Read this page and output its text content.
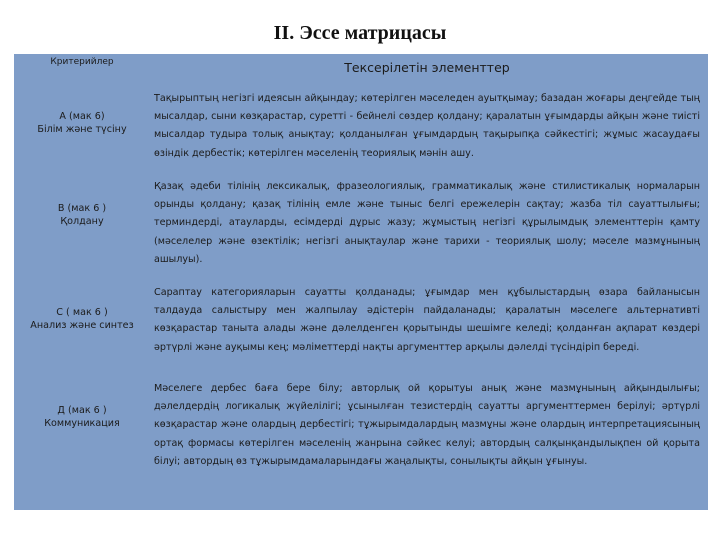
II. Эссе матрицасы
Критерийлер	Тексерілетін элементтер
А (мак 6)
Білім және түсіну
Тақырыптың негізгі идеясын айқындау; көтерілген мәселеден ауытқымау; базадан жоғары деңгейде тың мысалдар, сыни көзқарастар, суретті - бейнелі сөздер қолдану; қаралатын ұғымдарды айқын және тиісті мысалдар тудыра толық анықтау; қолданылған ұғымдардың тақырыпқа сәйкестігі; жұмыс жасаудағы өзіндік дербестік; көтерілген мәселенің теориялық мәнін ашу.
В (мак 6 )
Қолдану
Қазақ әдеби тілінің лексикалық, фразеологиялық, грамматикалық және стилистикалық нормаларын орынды қолдану; қазақ тілінің емле және тыныс белгі ережелерін сақтау; жазба тіл сауаттылығы; терминдерді, атауларды, есімдерді дұрыс жазу; жұмыстың негізгі құрылымдық элементтерін қамту (мәселелер және өзектілік; негізгі анықтаулар және тарихи - теориялық шолу; мәселе мазмұнының ашылуы).
С ( мак 6 )
Анализ және синтез
Сараптау категорияларын сауатты қолданады; ұғымдар мен құбылыстардың өзара байланысын талдауда салыстыру мен жалпылау әдістерін пайдаланады; қаралатын мәселеге альтернативті көзқарастар таныта алады және дәлелденген қорытынды шешімге келеді; қолданған ақпарат көздері әртүрлі және ауқымы кең; мәліметтерді нақты аргументтер арқылы дәлелді түсіндіріп береді.
Д (мак 6 )
Коммуникация
Мәселеге дербес баға бере білу; авторлық ой қорытуы анық және мазмұнының айқындылығы; дәлелдердің логикалық жүйелілігі; ұсынылған тезистердің сауатты аргументтермен берілуі; әртүрлі көзқарастар және олардың дербестігі; тұжырымдалардың мазмұны және олардың интерпретациясының ортақ формасы көтерілген мәселенің жанрына сәйкес келуі; автордың салқынқандылықпен ой қорыта білуі; автордың өз тұжырымдамаларындағы жаңалықты, сонылықты айқын ұғынуы.
